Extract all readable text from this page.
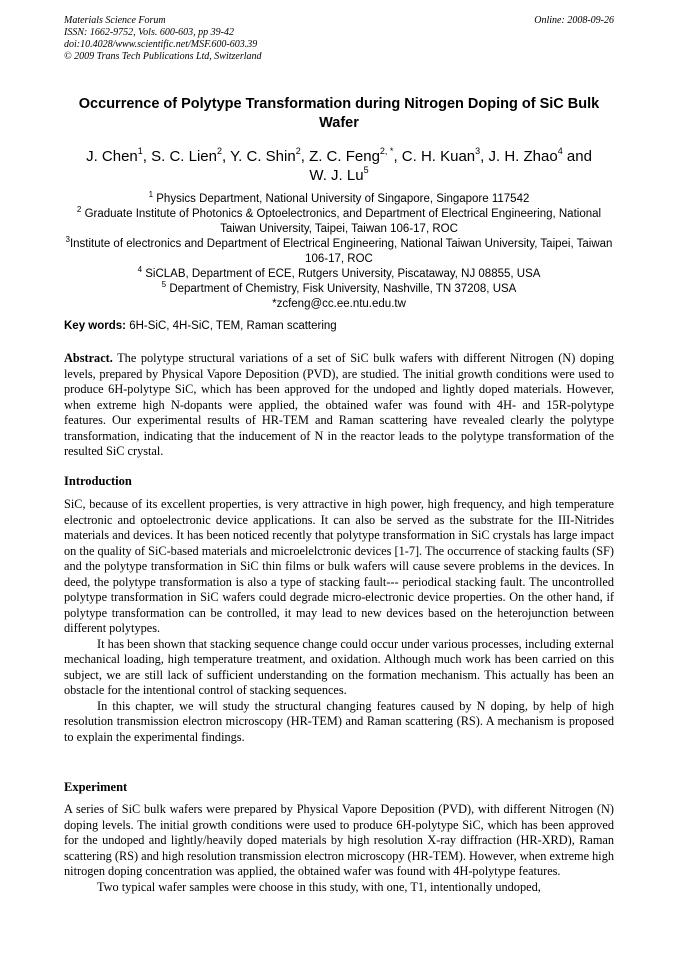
Materials Science Forum
ISSN: 1662-9752, Vols. 600-603, pp 39-42
doi:10.4028/www.scientific.net/MSF.600-603.39
© 2009 Trans Tech Publications Ltd, Switzerland
Online: 2008-09-26
Occurrence of Polytype Transformation during Nitrogen Doping of SiC Bulk Wafer
J. Chen$^1$, S. C. Lien$^2$, Y. C. Shin$^2$, Z. C. Feng$^{2, *}$, C. H. Kuan$^3$, J. H. Zhao$^4$ and
W. J. Lu$^5$

$^1$ Physics Department, National University of Singapore, Singapore 117542

$^2$ Graduate Institute of Photonics & Optoelectronics, and Department of Electrical Engineering, National Taiwan University, Taipei, Taiwan 106-17, ROC

$^3$Institute of electronics and Department of Electrical Engineering, National Taiwan University, Taipei, Taiwan 106-17, ROC

$^4$ SiCLAB, Department of ECE, Rutgers University, Piscataway, NJ 08855, USA

$^5$ Department of Chemistry, Fisk University, Nashville, TN 37208, USA

*zcfeng@cc.ee.ntu.edu.tw

Key words: 6H-SiC, 4H-SiC, TEM, Raman scattering

Abstract. The polytype structural variations of a set of SiC bulk wafers with different Nitrogen (N) doping levels, prepared by Physical Vapore Deposition (PVD), are studied. The initial growth conditions were used to produce 6H-polytype SiC, which has been approved for the undoped and lightly doped materials. However, when extreme high N-dopants were applied, the obtained wafer was found with 4H- and 15R-polytype features. Our experimental results of HR-TEM and Raman scattering have revealed clearly the polytype transformation, indicating that the inducement of N in the reactor leads to the polytype transformation of the resulted SiC crystal.

Introduction

SiC, because of its excellent properties, is very attractive in high power, high frequency, and high temperature electronic and optoelectronic device applications. It can also be served as the substrate for the III-Nitrides materials and devices. It has been noticed recently that polytype transformation in SiC crystals has large impact on the quality of SiC-based materials and microelelctronic devices [1-7]. The occurrence of stacking faults (SF) and the polytype transformation in SiC thin films or bulk wafers will cause severe problems in the devices. In deed, the polytype transformation is also a type of stacking fault--- periodical stacking fault. The uncontrolled polytype transformation in SiC wafers could degrade micro-electronic device properties. On the other hand, if polytype transformation can be controlled, it may lead to new devices based on the heterojunction between different polytypes.

It has been shown that stacking sequence change could occur under various processes, including external mechanical loading, high temperature treatment, and oxidation. Although much work has been carried on this subject, we are still lack of sufficient understanding on the formation mechanism. This actually has been an obstacle for the intentional control of stacking sequences.

In this chapter, we will study the structural changing features caused by N doping, by help of high resolution transmission electron microscopy (HR-TEM) and Raman scattering (RS). A mechanism is proposed to explain the experimental findings.

Experiment

A series of SiC bulk wafers were prepared by Physical Vapore Deposition (PVD), with different Nitrogen (N) doping levels. The initial growth conditions were used to produce 6H-polytype SiC, which has been approved for the undoped and lightly/heavily doped materials by high resolution X-ray diffraction (HR-XRD), Raman scattering (RS) and high resolution transmission electron microscopy (HR-TEM). However, when extreme high nitrogen doping concentration was applied, the obtained wafer was found with 4H-polytype features.

Two typical wafer samples were choose in this study, with one, T1, intentionally undoped,
